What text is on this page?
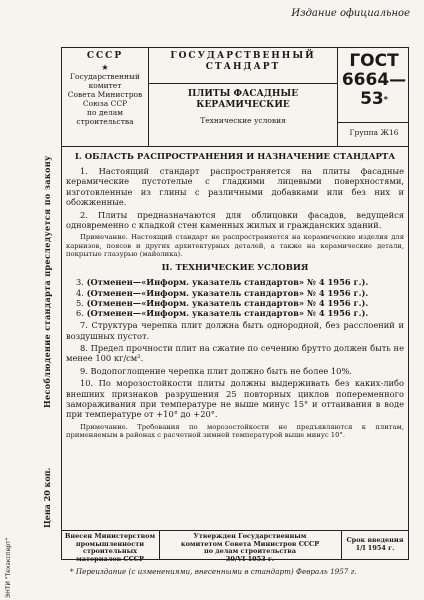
Издание официальное
СССР
★
Государственный
комитет
Совета Министров
Союза ССР
по делам
строительства
ГОСУДАРСТВЕННЫЙ
СТАНДАРТ
ПЛИТЫ ФАСАДНЫЕ
КЕРАМИЧЕСКИЕ
Технические условия
ГОСТ
6664—53*
Группа Ж16
I. ОБЛАСТЬ РАСПРОСТРАНЕНИЯ И НАЗНАЧЕНИЕ СТАНДАРТА

1. Настоящий стандарт распространяется на плиты фасадные керамические пустотелые с гладкими лицевыми поверхностями, изготовленные из глины с различными добавками или без них и обожженные.

2. Плиты предназначаются для облицовки фасадов, ведущейся одновременно с кладкой стен каменных жилых и гражданских зданий.

Примечание. Настоящий стандарт не распространяется на керамические изделия для карнизов, поясов и других архитектурных деталей, а также на керамические детали, покрытые глазурью (майолика).

II. ТЕХНИЧЕСКИЕ УСЛОВИЯ
3. (Отменен—«Информ. указатель стандартов» № 4 1956 г.).
4. (Отменен—«Информ. указатель стандартов» № 4 1956 г.).
5. (Отменен—«Информ. указатель стандартов» № 4 1956 г.).
6. (Отменен—«Информ. указатель стандартов» № 4 1956 г.).

7. Структура черепка плит должна быть однородной, без расслоений и воздушных пустот.

8. Предел прочности плит на сжатие по сечению брутто должен быть не менее 100 кг/см².

9. Водопоглощение черепка плит должно быть не более 10%.

10. По морозостойкости плиты должны выдерживать без каких-либо внешних признаков разрушения 25 повторных циклов попеременного замораживания при температуре не выше минус 15° и оттаивания в воде при температуре от +10° до +20°.

Примечание. Требования по морозостойкости не предъявляются к плитам, применяемым в районах с расчетной зимней температурой выше минус 10°.

Внесен Министерством
промышленности
строительных
материалов СССР
Утвержден Государственным
комитетом Совета Министров СССР
по делам строительства
30/VI 1953 г.
Срок введения
1/I 1954 г.
* Переиздание (с изменениями, внесенными в стандарт) Февраль 1957 г.
Несоблюдение стандарта преследуется по закону
Цена 20 коп.
ЭНТИ "Техэксперт"
